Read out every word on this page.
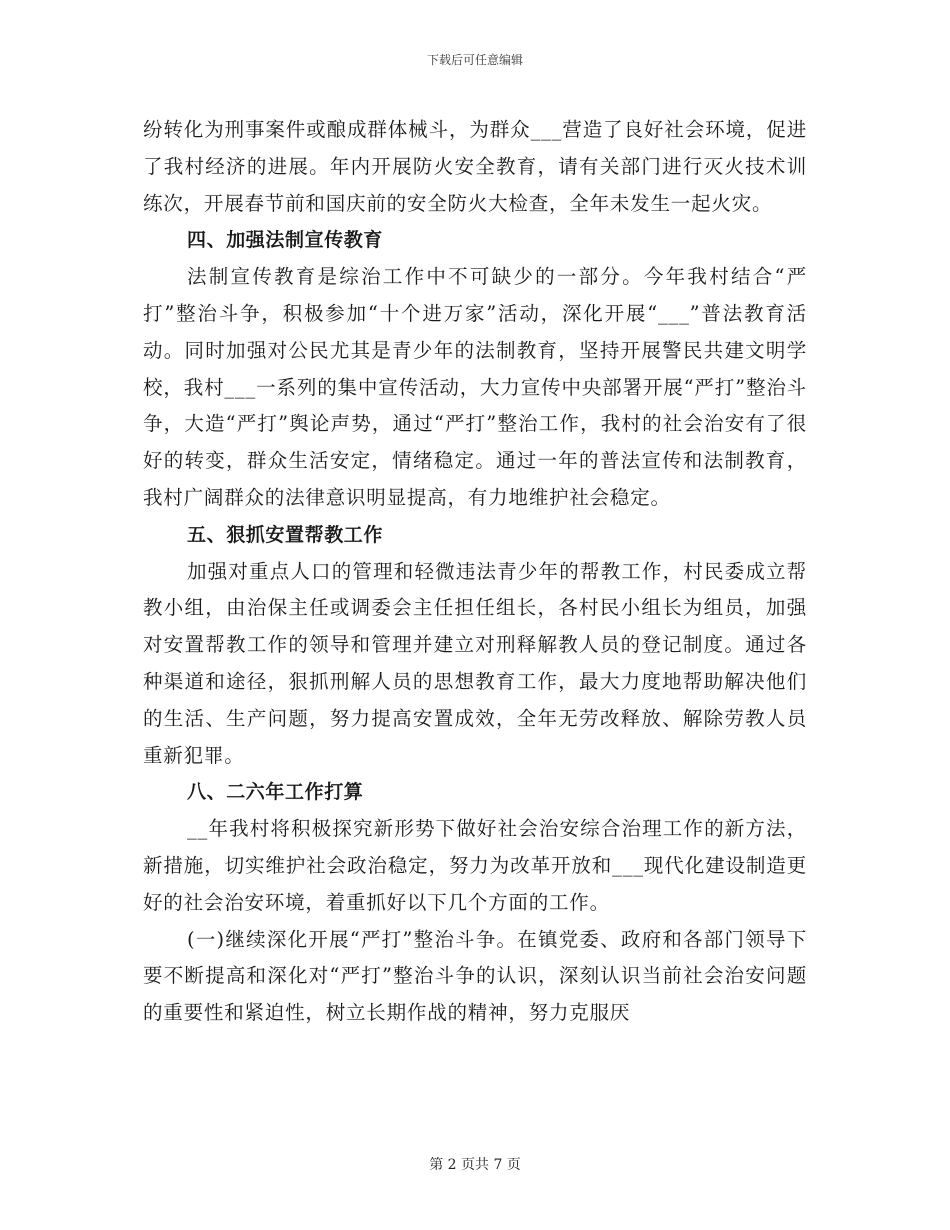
下载后可任意编辑

纷转化为刑事案件或酿成群体械斗，为群众___营造了良好社会环境，促进了我村经济的进展。年内开展防火安全教育，请有关部门进行灭火技术训练次，开展春节前和国庆前的安全防火大检查，全年未发生一起火灾。

四、加强法制宣传教育

法制宣传教育是综治工作中不可缺少的一部分。今年我村结合“严打”整治斗争，积极参加“十个进万家”活动，深化开展“___”普法教育活动。同时加强对公民尤其是青少年的法制教育，坚持开展警民共建文明学校，我村___一系列的集中宣传活动，大力宣传中央部署开展“严打”整治斗争，大造“严打”舆论声势，通过“严打”整治工作，我村的社会治安有了很好的转变，群众生活安定，情绪稳定。通过一年的普法宣传和法制教育，我村广阔群众的法律意识明显提高，有力地维护社会稳定。

五、狠抓安置帮教工作

加强对重点人口的管理和轻微违法青少年的帮教工作，村民委成立帮教小组，由治保主任或调委会主任担任组长，各村民小组长为组员，加强对安置帮教工作的领导和管理并建立对刑释解教人员的登记制度。通过各种渠道和途径，狠抓刑解人员的思想教育工作，最大力度地帮助解决他们的生活、生产问题，努力提高安置成效，全年无劳改释放、解除劳教人员重新犯罪。

八、二六年工作打算

__年我村将积极探究新形势下做好社会治安综合治理工作的新方法，新措施，切实维护社会政治稳定，努力为改革开放和___现代化建设制造更好的社会治安环境，着重抓好以下几个方面的工作。

(一)继续深化开展“严打”整治斗争。在镇党委、政府和各部门领导下要不断提高和深化对“严打”整治斗争的认识，深刻认识当前社会治安问题的重要性和紧迫性，树立长期作战的精神，努力克服厌

第 2 页共 7 页
